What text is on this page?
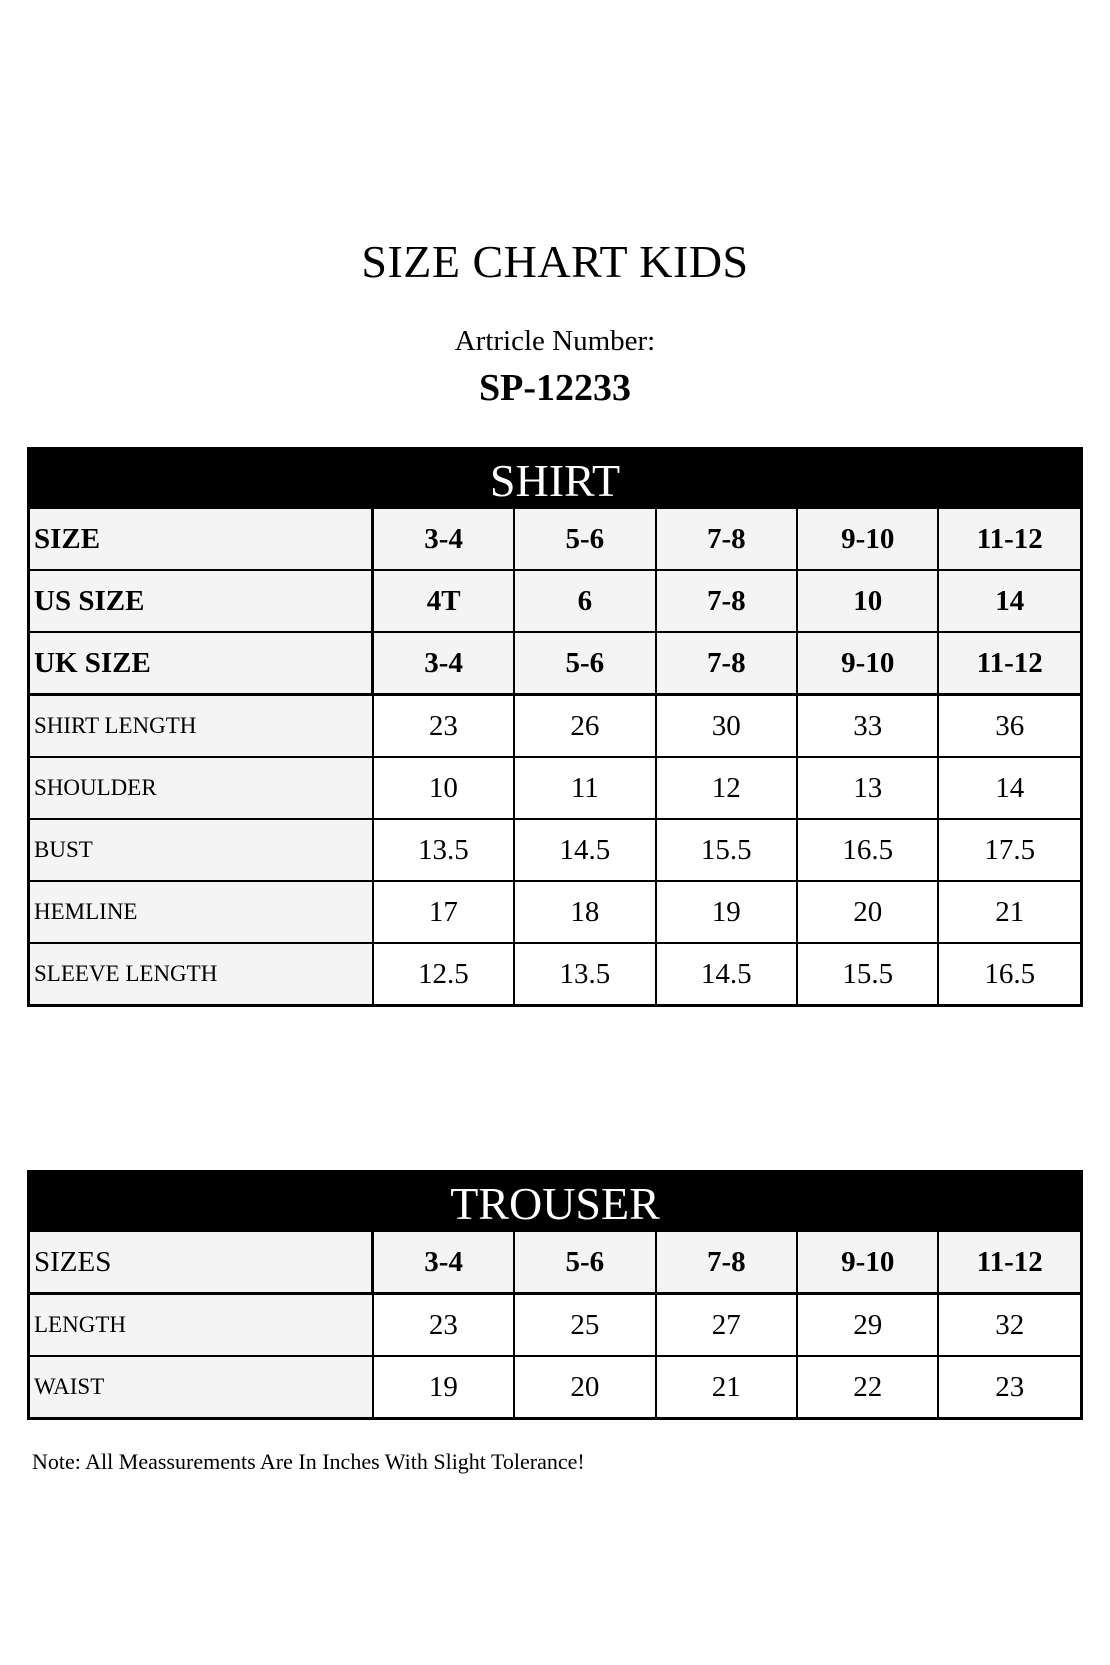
SIZE CHART KIDS
Artricle Number:
SP-12233
SHIRT
SIZE	3-4	5-6	7-8	9-10	11-12
US SIZE	4T	6	7-8	10	14
UK SIZE	3-4	5-6	7-8	9-10	11-12
SHIRT LENGTH	23	26	30	33	36
SHOULDER	10	11	12	13	14
BUST	13.5	14.5	15.5	16.5	17.5
HEMLINE	17	18	19	20	21
SLEEVE LENGTH	12.5	13.5	14.5	15.5	16.5
TROUSER
SIZES	3-4	5-6	7-8	9-10	11-12
LENGTH	23	25	27	29	32
WAIST	19	20	21	22	23
Note: All Meassurements Are In Inches With Slight Tolerance!
